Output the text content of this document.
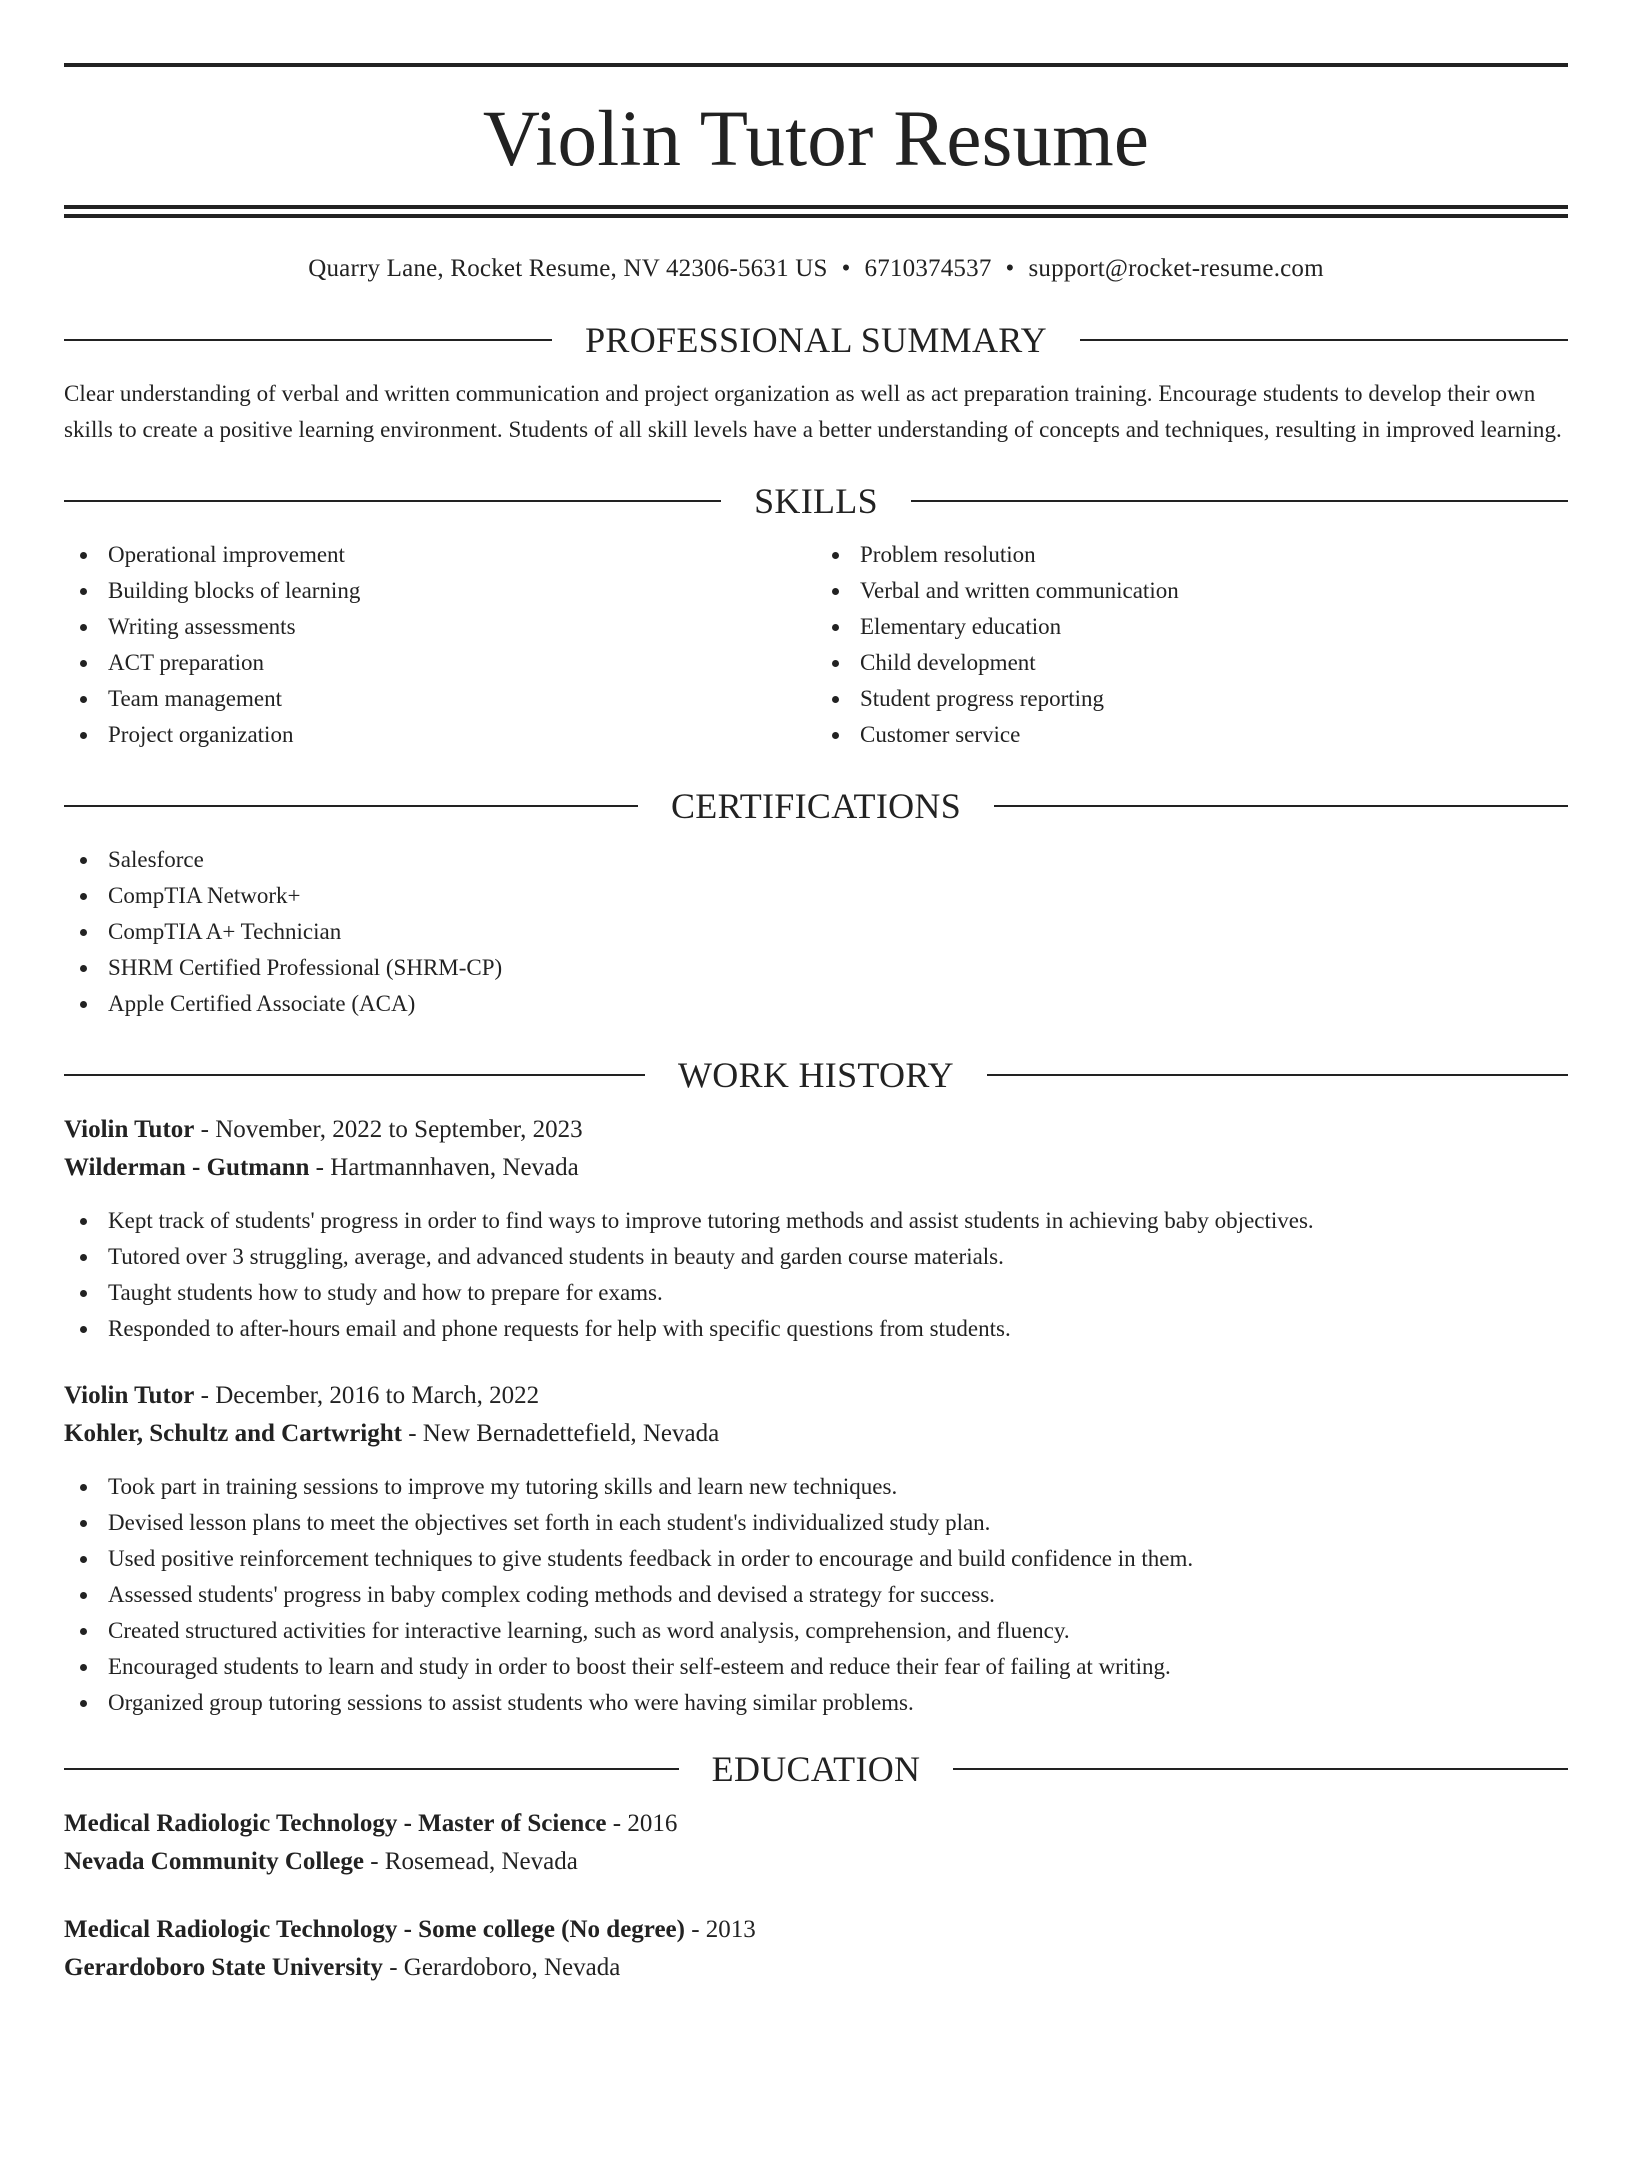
Violin Tutor Resume
Quarry Lane, Rocket Resume, NV 42306-5631 US • 6710374537 • support@rocket-resume.com
PROFESSIONAL SUMMARY

Clear understanding of verbal and written communication and project organization as well as act preparation training. Encourage students to develop their own skills to create a positive learning environment. Students of all skill levels have a better understanding of concepts and techniques, resulting in improved learning.

SKILLS
Operational improvement
Building blocks of learning
Writing assessments
ACT preparation
Team management
Project organization
Problem resolution
Verbal and written communication
Elementary education
Child development
Student progress reporting
Customer service
CERTIFICATIONS
Salesforce
CompTIA Network+
CompTIA A+ Technician
SHRM Certified Professional (SHRM-CP)
Apple Certified Associate (ACA)
WORK HISTORY
Violin Tutor - November, 2022 to September, 2023
Wilderman - Gutmann - Hartmannhaven, Nevada
Kept track of students' progress in order to find ways to improve tutoring methods and assist students in achieving baby objectives.
Tutored over 3 struggling, average, and advanced students in beauty and garden course materials.
Taught students how to study and how to prepare for exams.
Responded to after-hours email and phone requests for help with specific questions from students.
Violin Tutor - December, 2016 to March, 2022
Kohler, Schultz and Cartwright - New Bernadettefield, Nevada
Took part in training sessions to improve my tutoring skills and learn new techniques.
Devised lesson plans to meet the objectives set forth in each student's individualized study plan.
Used positive reinforcement techniques to give students feedback in order to encourage and build confidence in them.
Assessed students' progress in baby complex coding methods and devised a strategy for success.
Created structured activities for interactive learning, such as word analysis, comprehension, and fluency.
Encouraged students to learn and study in order to boost their self-esteem and reduce their fear of failing at writing.
Organized group tutoring sessions to assist students who were having similar problems.
EDUCATION
Medical Radiologic Technology - Master of Science - 2016
Nevada Community College - Rosemead, Nevada
Medical Radiologic Technology - Some college (No degree) - 2013
Gerardoboro State University - Gerardoboro, Nevada
